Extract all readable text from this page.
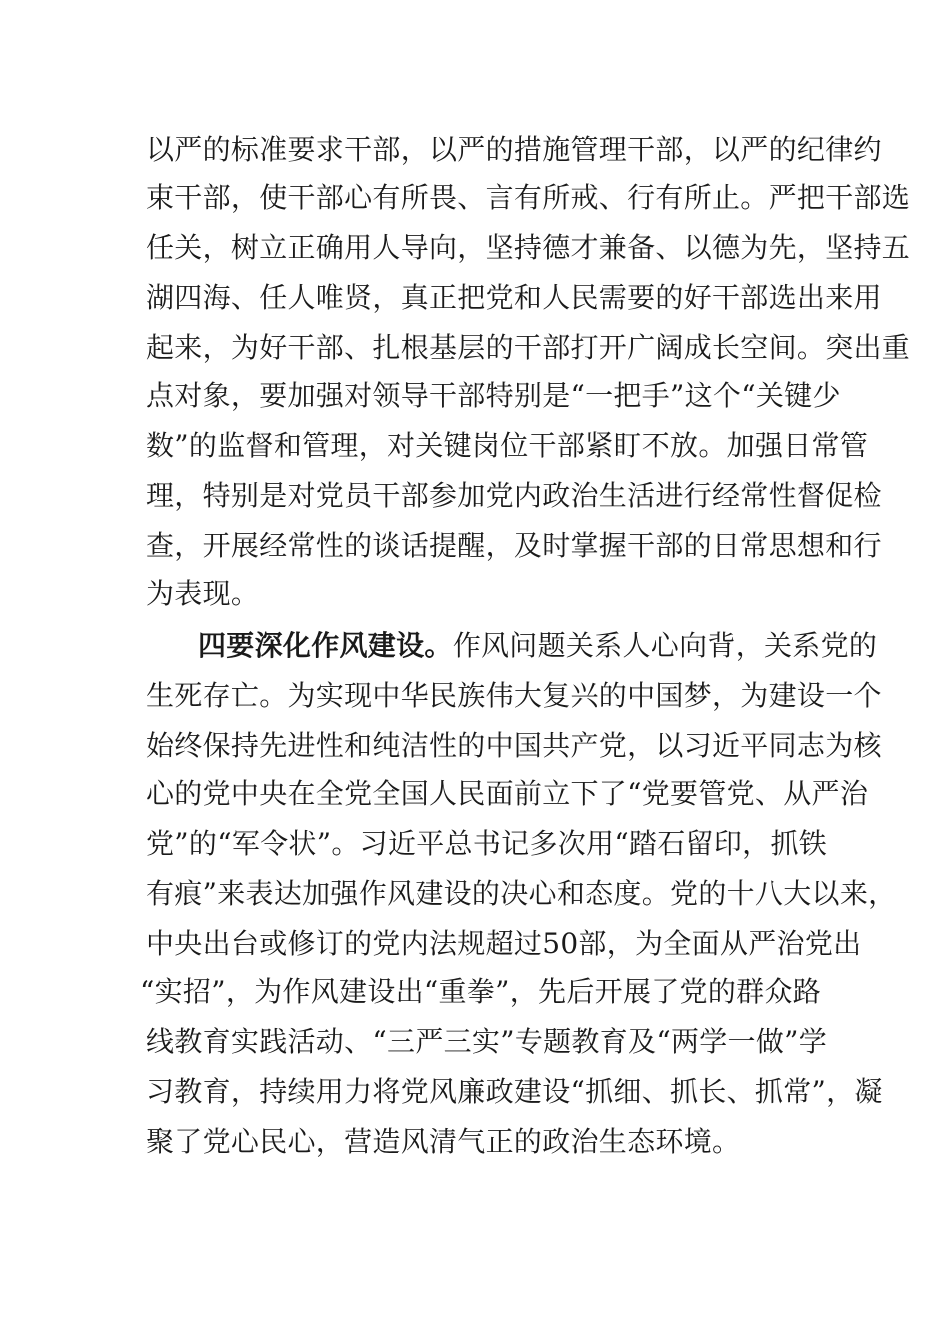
以严的标准要求干部，以严的措施管理干部，以严的纪律约
束干部，使干部心有所畏、言有所戒、行有所止。严把干部选
任关，树立正确用人导向，坚持德才兼备、以德为先，坚持五
湖四海、任人唯贤，真正把党和人民需要的好干部选出来用
起来，为好干部、扎根基层的干部打开广阔成长空间。突出重
点对象，要加强对领导干部特别是“一把手”这个“关键少
数”的监督和管理，对关键岗位干部紧盯不放。加强日常管
理，特别是对党员干部参加党内政治生活进行经常性督促检
查，开展经常性的谈话提醒，及时掌握干部的日常思想和行
为表现。
四要深化作风建设。作风问题关系人心向背，关系党的
生死存亡。为实现中华民族伟大复兴的中国梦，为建设一个
始终保持先进性和纯洁性的中国共产党，以习近平同志为核
心的党中央在全党全国人民面前立下了“党要管党、从严治
党”的“军令状”。习近平总书记多次用“踏石留印，抓铁
有痕”来表达加强作风建设的决心和态度。党的十八大以来，
中央出台或修订的党内法规超过50部，为全面从严治党出
“实招”，为作风建设出“重拳”，先后开展了党的群众路
线教育实践活动、“三严三实”专题教育及“两学一做”学
习教育，持续用力将党风廉政建设“抓细、抓长、抓常”，凝
聚了党心民心，营造风清气正的政治生态环境。
